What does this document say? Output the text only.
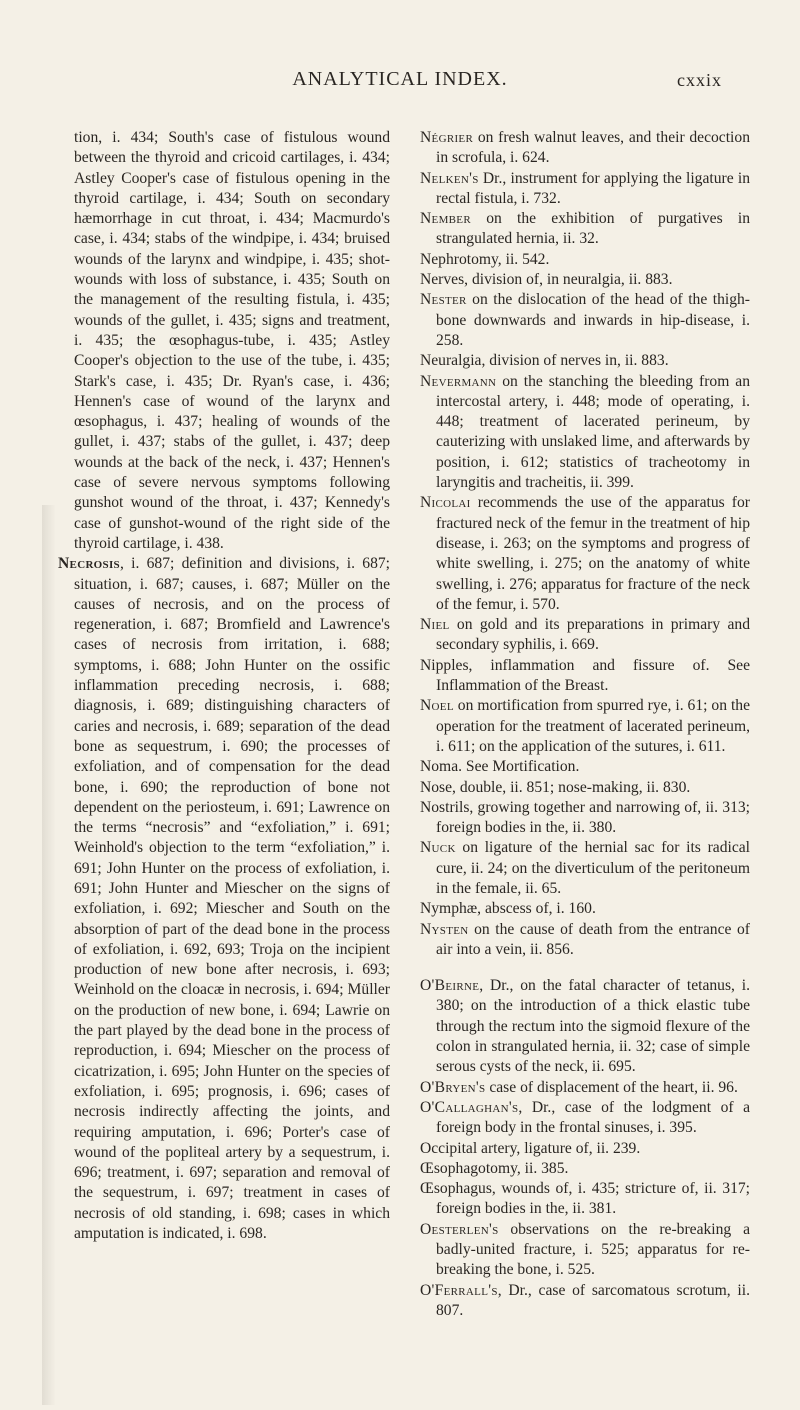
ANALYTICAL INDEX.	cxxix

tion, i. 434; South's case of fistulous wound between the thyroid and cricoid cartilages, i. 434; Astley Cooper's case of fistulous opening in the thyroid cartilage, i. 434; South on secondary hæmorrhage in cut throat, i. 434; Macmurdo's case, i. 434; stabs of the windpipe, i. 434; bruised wounds of the larynx and windpipe, i. 435; shot-wounds with loss of substance, i. 435; South on the management of the resulting fistula, i. 435; wounds of the gullet, i. 435; signs and treatment, i. 435; the œsophagus-tube, i. 435; Astley Cooper's objection to the use of the tube, i. 435; Stark's case, i. 435; Dr. Ryan's case, i. 436; Hennen's case of wound of the larynx and œsophagus, i. 437; healing of wounds of the gullet, i. 437; stabs of the gullet, i. 437; deep wounds at the back of the neck, i. 437; Hennen's case of severe nervous symptoms following gunshot wound of the throat, i. 437; Kennedy's case of gunshot-wound of the right side of the thyroid cartilage, i. 438.

Necrosis, i. 687; definition and divisions, i. 687; situation, i. 687; causes, i. 687; Müller on the causes of necrosis, and on the process of regeneration, i. 687; Bromfield and Lawrence's cases of necrosis from irritation, i. 688; symptoms, i. 688; John Hunter on the ossific inflammation preceding necrosis, i. 688; diagnosis, i. 689; distinguishing characters of caries and necrosis, i. 689; separation of the dead bone as sequestrum, i. 690; the processes of exfoliation, and of compensation for the dead bone, i. 690; the reproduction of bone not dependent on the periosteum, i. 691; Lawrence on the terms “necrosis” and “exfoliation,” i. 691; Weinhold's objection to the term “exfoliation,” i. 691; John Hunter on the process of exfoliation, i. 691; John Hunter and Miescher on the signs of exfoliation, i. 692; Miescher and South on the absorption of part of the dead bone in the process of exfoliation, i. 692, 693; Troja on the incipient production of new bone after necrosis, i. 693; Weinhold on the cloacæ in necrosis, i. 694; Müller on the production of new bone, i. 694; Lawrie on the part played by the dead bone in the process of reproduction, i. 694; Miescher on the process of cicatrization, i. 695; John Hunter on the species of exfoliation, i. 695; prognosis, i. 696; cases of necrosis indirectly affecting the joints, and requiring amputation, i. 696; Porter's case of wound of the popliteal artery by a sequestrum, i. 696; treatment, i. 697; separation and removal of the sequestrum, i. 697; treatment in cases of necrosis of old standing, i. 698; cases in which amputation is indicated, i. 698.

Négrier on fresh walnut leaves, and their decoction in scrofula, i. 624.

Nelken's Dr., instrument for applying the ligature in rectal fistula, i. 732.

Nember on the exhibition of purgatives in strangulated hernia, ii. 32.

Nephrotomy, ii. 542.

Nerves, division of, in neuralgia, ii. 883.

Nester on the dislocation of the head of the thigh-bone downwards and inwards in hip-disease, i. 258.

Neuralgia, division of nerves in, ii. 883.

Nevermann on the stanching the bleeding from an intercostal artery, i. 448; mode of operating, i. 448; treatment of lacerated perineum, by cauterizing with unslaked lime, and afterwards by position, i. 612; statistics of tracheotomy in laryngitis and tracheitis, ii. 399.

Nicolai recommends the use of the apparatus for fractured neck of the femur in the treatment of hip disease, i. 263; on the symptoms and progress of white swelling, i. 275; on the anatomy of white swelling, i. 276; apparatus for fracture of the neck of the femur, i. 570.

Niel on gold and its preparations in primary and secondary syphilis, i. 669.

Nipples, inflammation and fissure of. See Inflammation of the Breast.

Noel on mortification from spurred rye, i. 61; on the operation for the treatment of lacerated perineum, i. 611; on the application of the sutures, i. 611.

Noma. See Mortification.

Nose, double, ii. 851; nose-making, ii. 830.

Nostrils, growing together and narrowing of, ii. 313; foreign bodies in the, ii. 380.

Nuck on ligature of the hernial sac for its radical cure, ii. 24; on the diverticulum of the peritoneum in the female, ii. 65.

Nymphæ, abscess of, i. 160.

Nysten on the cause of death from the entrance of air into a vein, ii. 856.

O'Beirne, Dr., on the fatal character of tetanus, i. 380; on the introduction of a thick elastic tube through the rectum into the sigmoid flexure of the colon in strangulated hernia, ii. 32; case of simple serous cysts of the neck, ii. 695.

O'Bryen's case of displacement of the heart, ii. 96.

O'Callaghan's, Dr., case of the lodgment of a foreign body in the frontal sinuses, i. 395.

Occipital artery, ligature of, ii. 239.

Œsophagotomy, ii. 385.

Œsophagus, wounds of, i. 435; stricture of, ii. 317; foreign bodies in the, ii. 381.

Oesterlen's observations on the re-breaking a badly-united fracture, i. 525; apparatus for re-breaking the bone, i. 525.

O'Ferrall's, Dr., case of sarcomatous scrotum, ii. 807.
